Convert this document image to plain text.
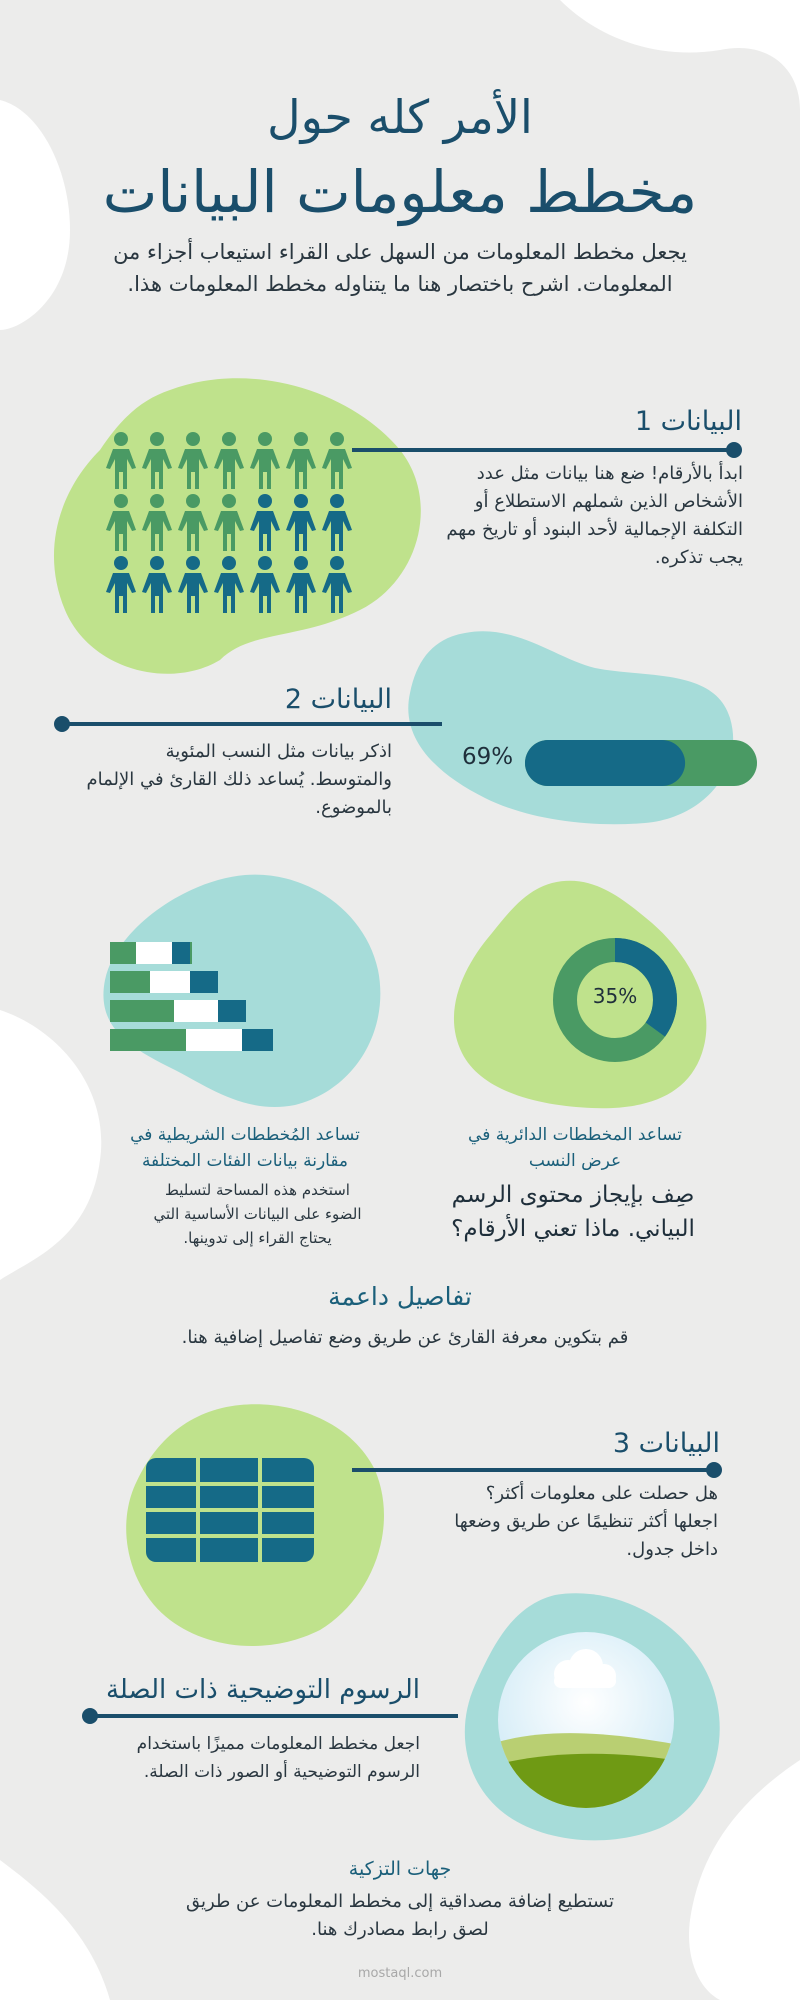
الأمر كله حول
مخطط معلومات البيانات
يجعل مخطط المعلومات من السهل على القراء استيعاب أجزاء من المعلومات. اشرح باختصار هنا ما يتناوله مخطط المعلومات هذا.
البيانات 1
ابدأ بالأرقام! ضع هنا بيانات مثل عدد الأشخاص الذين شملهم الاستطلاع أو التكلفة الإجمالية لأحد البنود أو تاريخ مهم يجب تذكره.
69%
البيانات 2
اذكر بيانات مثل النسب المئوية والمتوسط. يُساعد ذلك القارئ في الإلمام بالموضوع.
تساعد المُخططات الشريطية في مقارنة بيانات الفئات المختلفة
استخدم هذه المساحة لتسليط الضوء على البيانات الأساسية التي يحتاج القراء إلى تدوينها.
35%
تساعد المخططات الدائرية في عرض النسب
صِف بإيجاز محتوى الرسم البياني. ماذا تعني الأرقام؟
تفاصيل داعمة
قم بتكوين معرفة القارئ عن طريق وضع تفاصيل إضافية هنا.
البيانات 3
هل حصلت على معلومات أكثر؟ اجعلها أكثر تنظيمًا عن طريق وضعها داخل جدول.
الرسوم التوضيحية ذات الصلة
اجعل مخطط المعلومات مميزًا باستخدام الرسوم التوضيحية أو الصور ذات الصلة.
جهات التزكية
تستطيع إضافة مصداقية إلى مخطط المعلومات عن طريق لصق رابط مصادرك هنا.
mostaql.com
